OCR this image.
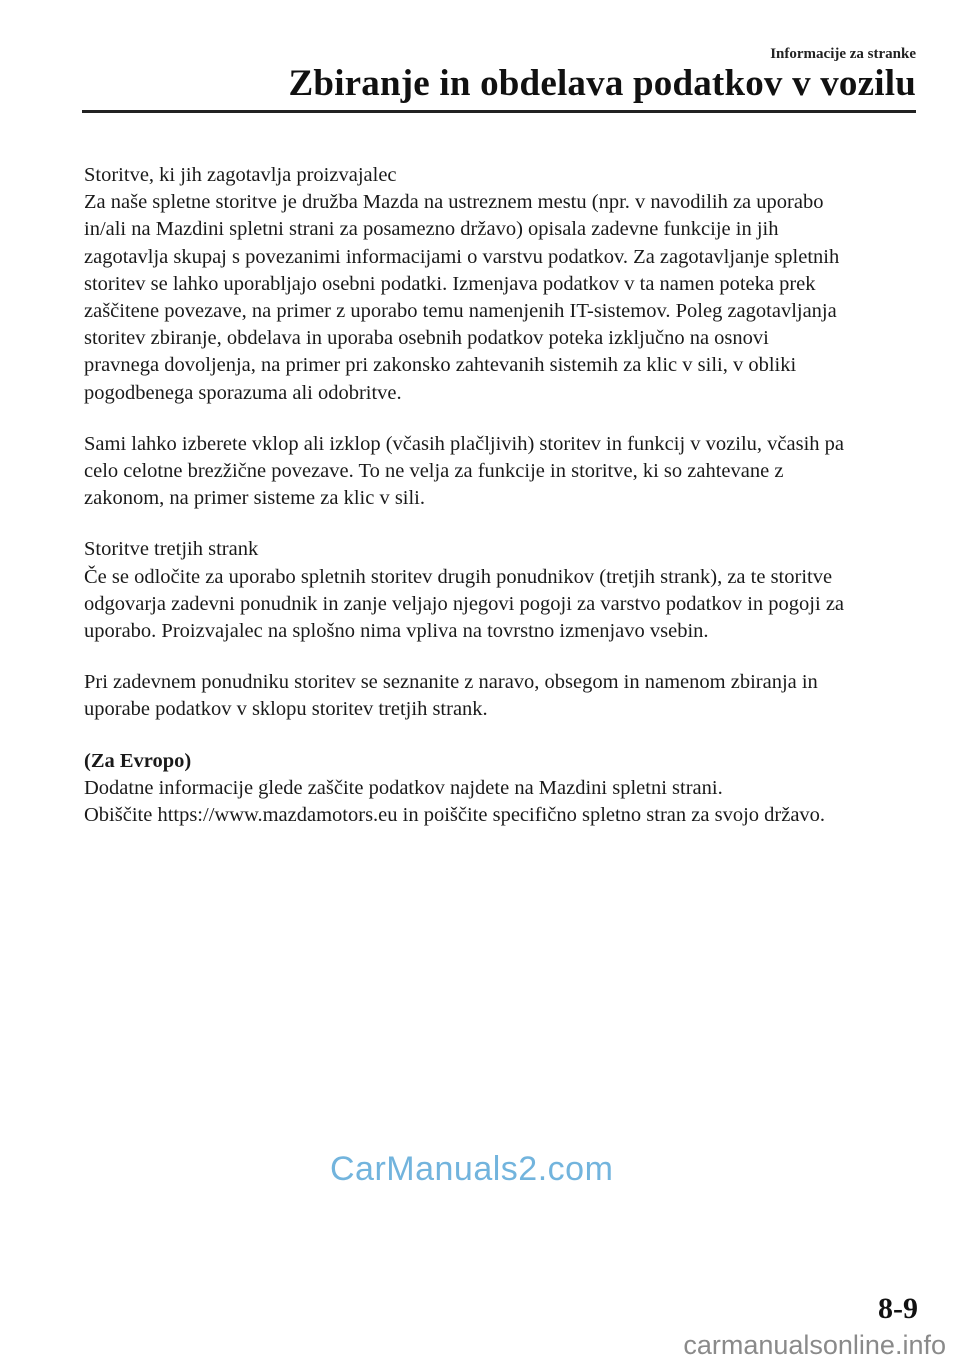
Informacije za stranke
Zbiranje in obdelava podatkov v vozilu

Storitve, ki jih zagotavlja proizvajalec
Za naše spletne storitve je družba Mazda na ustreznem mestu (npr. v navodilih za uporabo
in/ali na Mazdini spletni strani za posamezno državo) opisala zadevne funkcije in jih
zagotavlja skupaj s povezanimi informacijami o varstvu podatkov. Za zagotavljanje spletnih
storitev se lahko uporabljajo osebni podatki. Izmenjava podatkov v ta namen poteka prek
zaščitene povezave, na primer z uporabo temu namenjenih IT-sistemov. Poleg zagotavljanja
storitev zbiranje, obdelava in uporaba osebnih podatkov poteka izključno na osnovi
pravnega dovoljenja, na primer pri zakonsko zahtevanih sistemih za klic v sili, v obliki
pogodbenega sporazuma ali odobritve.

Sami lahko izberete vklop ali izklop (včasih plačljivih) storitev in funkcij v vozilu, včasih pa
celo celotne brezžične povezave. To ne velja za funkcije in storitve, ki so zahtevane z
zakonom, na primer sisteme za klic v sili.

Storitve tretjih strank
Če se odločite za uporabo spletnih storitev drugih ponudnikov (tretjih strank), za te storitve
odgovarja zadevni ponudnik in zanje veljajo njegovi pogoji za varstvo podatkov in pogoji za
uporabo. Proizvajalec na splošno nima vpliva na tovrstno izmenjavo vsebin.

Pri zadevnem ponudniku storitev se seznanite z naravo, obsegom in namenom zbiranja in
uporabe podatkov v sklopu storitev tretjih strank.

(Za Evropo)
Dodatne informacije glede zaščite podatkov najdete na Mazdini spletni strani.
Obiščite https://www.mazdamotors.eu in poiščite specifično spletno stran za svojo državo.

CarManuals2.com
8-9
carmanualsonline.info
